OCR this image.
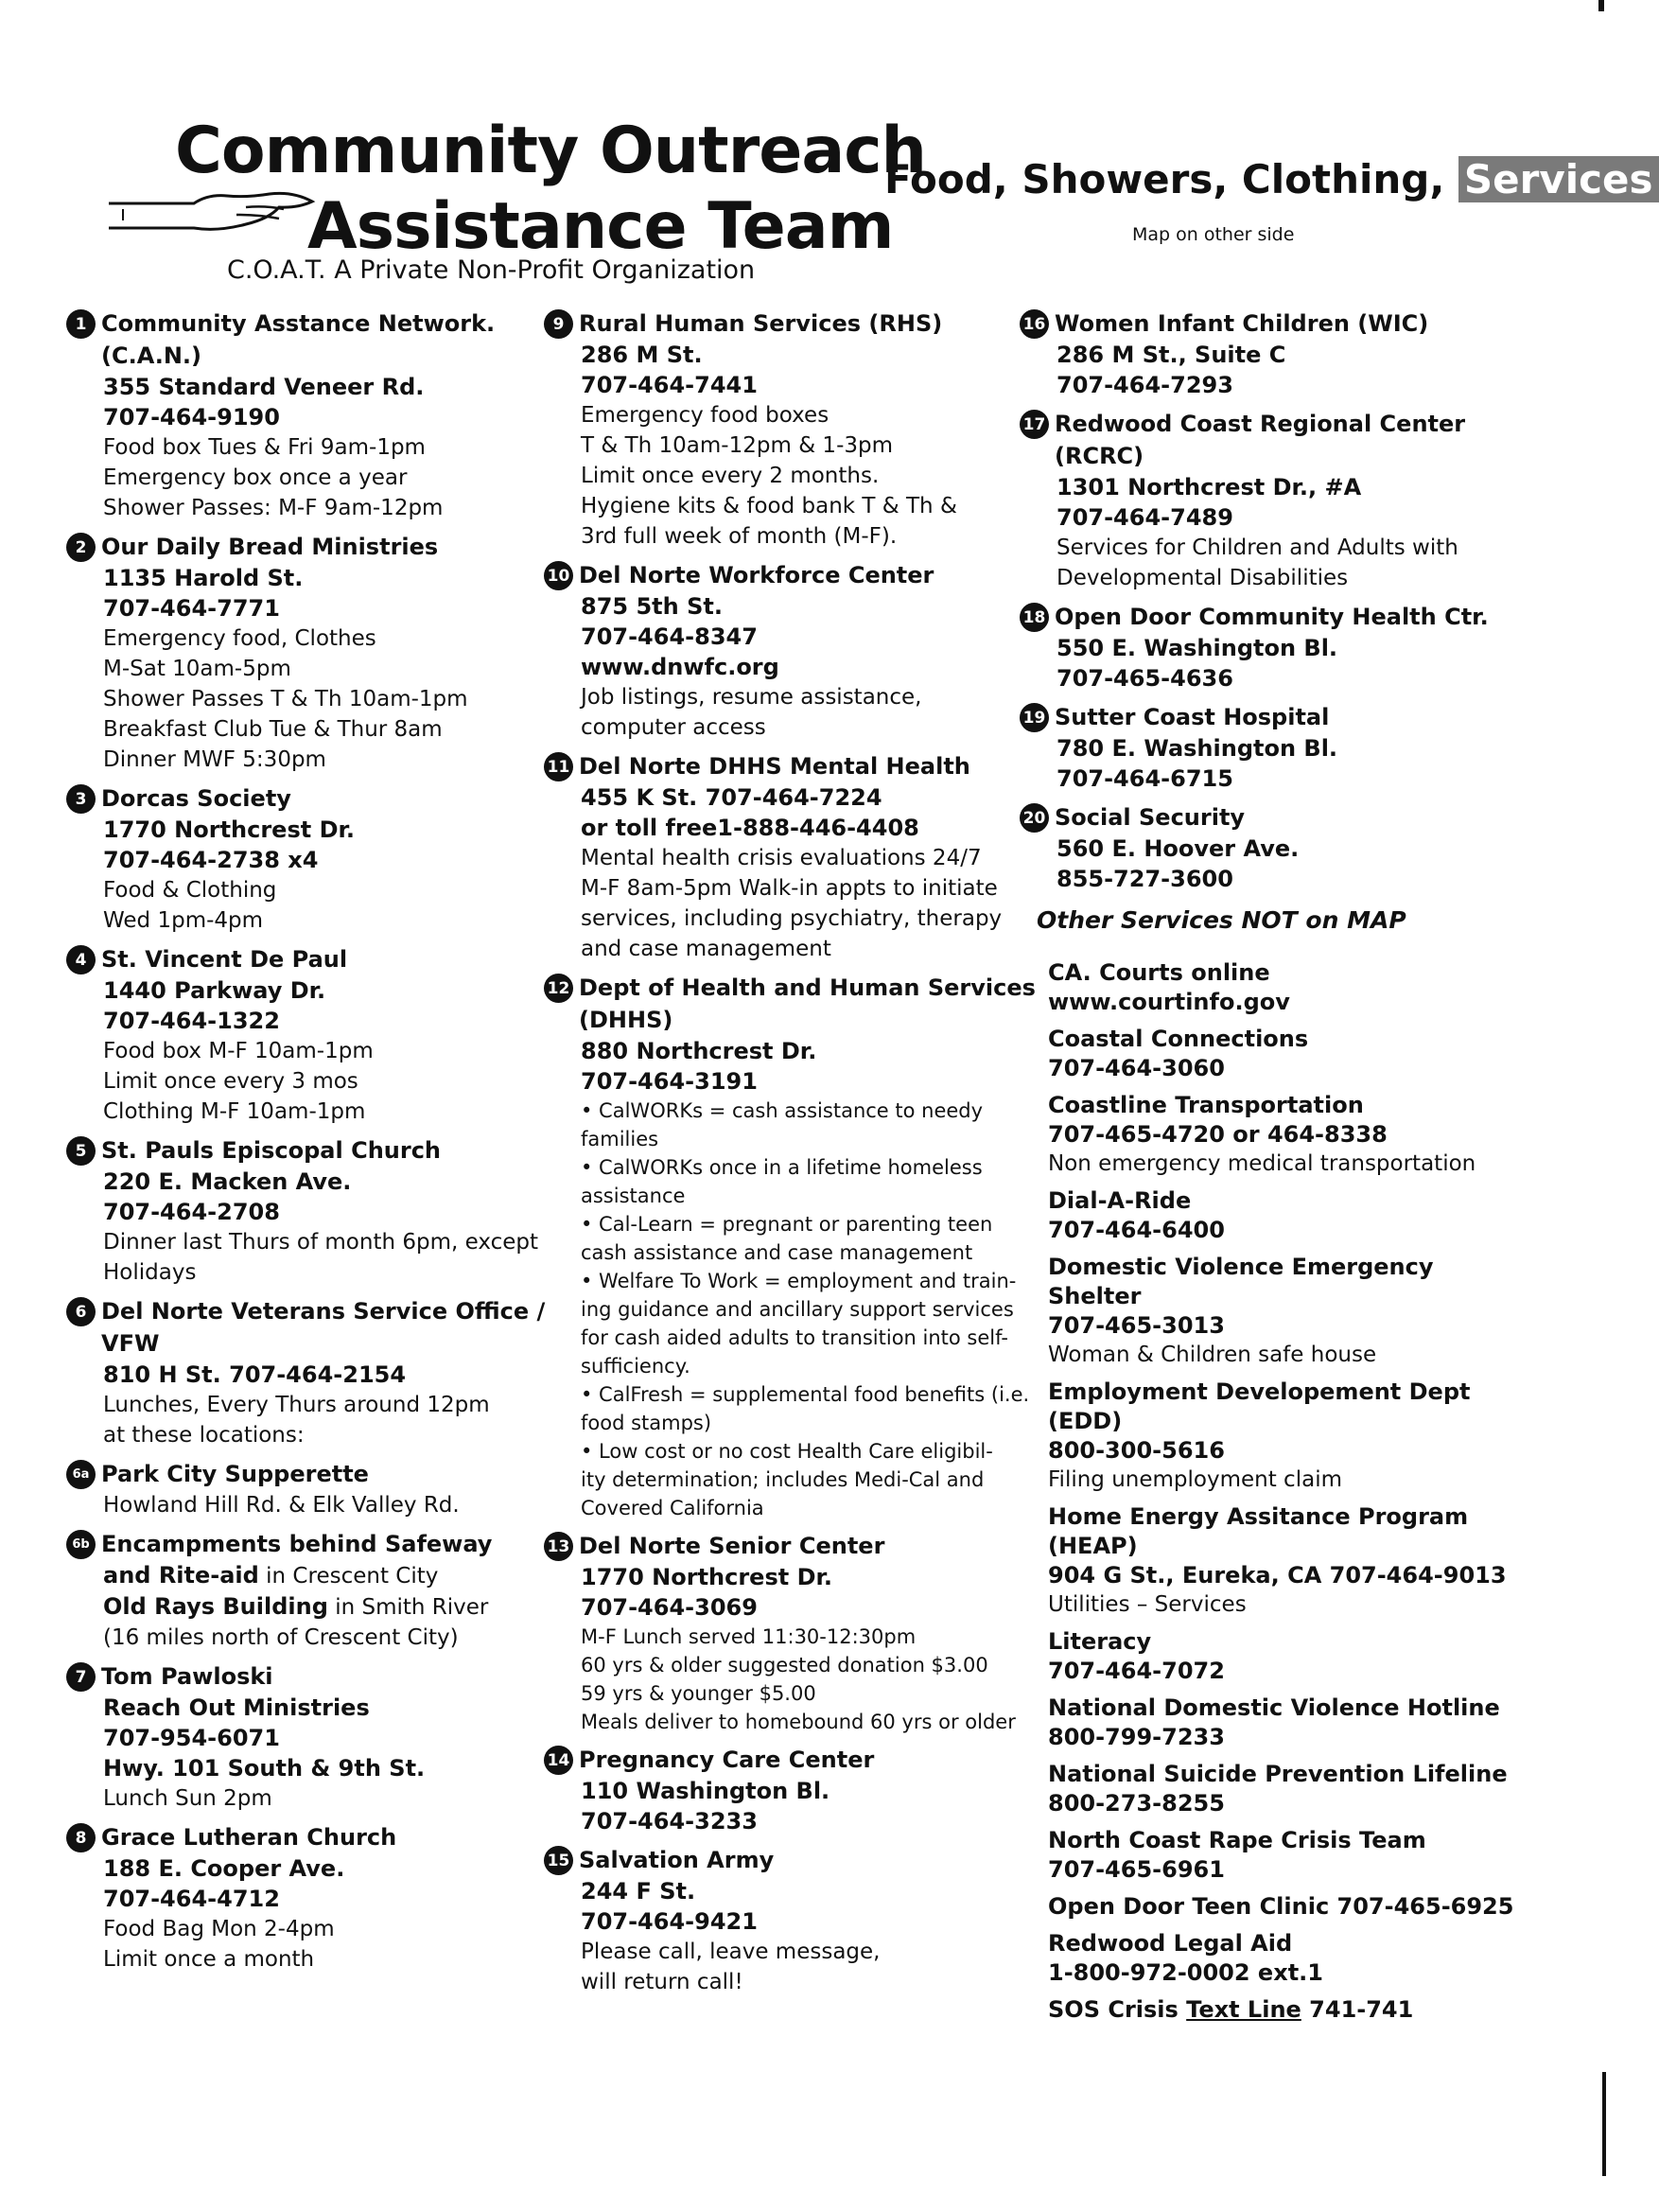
Community Outreach
Assistance Team
C.O.A.T. A Private Non-Profit Organization
Food, Showers, Clothing, Services
Map on other side
1 Community Asstance Network. (C.A.N.)
355 Standard Veneer Rd.
707-464-9190
Food box Tues & Fri 9am-1pm
Emergency box once a year
Shower Passes: M-F 9am-12pm
2 Our Daily Bread Ministries
1135 Harold St.
707-464-7771
Emergency food, Clothes
M-Sat 10am-5pm
Shower Passes T & Th 10am-1pm
Breakfast Club Tue & Thur 8am
Dinner MWF 5:30pm
3 Dorcas Society
1770 Northcrest Dr.
707-464-2738 x4
Food & Clothing
Wed 1pm-4pm
4 St. Vincent De Paul
1440 Parkway Dr.
707-464-1322
Food box M-F 10am-1pm
Limit once every 3 mos
Clothing M-F 10am-1pm
5 St. Pauls Episcopal Church
220 E. Macken Ave.
707-464-2708
Dinner last Thurs of month 6pm, except Holidays
6 Del Norte Veterans Service Office / VFW
810 H St. 707-464-2154
Lunches, Every Thurs around 12pm
at these locations:
6a Park City Supperette
Howland Hill Rd. & Elk Valley Rd.
6b Encampments behind Safeway
and Rite-aid in Crescent City
Old Rays Building in Smith River
(16 miles north of Crescent City)
7 Tom Pawloski
Reach Out Ministries
707-954-6071
Hwy. 101 South & 9th St.
Lunch Sun 2pm
8 Grace Lutheran Church
188 E. Cooper Ave.
707-464-4712
Food Bag Mon 2-4pm
Limit once a month
9 Rural Human Services (RHS)
286 M St.
707-464-7441
Emergency food boxes
T & Th 10am-12pm & 1-3pm
Limit once every 2 months.
Hygiene kits & food bank T & Th &
3rd full week of month (M-F).
10 Del Norte Workforce Center
875 5th St.
707-464-8347
www.dnwfc.org
Job listings, resume assistance,
computer access
11 Del Norte DHHS Mental Health
455 K St. 707-464-7224
or toll free1-888-446-4408
Mental health crisis evaluations 24/7
M-F 8am-5pm Walk-in appts to initiate
services, including psychiatry, therapy
and case management
12 Dept of Health and Human Services (DHHS)
880 Northcrest Dr.
707-464-3191
• CalWORKs = cash assistance to needy
families
• CalWORKs once in a lifetime homeless
assistance
• Cal-Learn = pregnant or parenting teen
cash assistance and case management
• Welfare To Work = employment and train-
ing guidance and ancillary support services
for cash aided adults to transition into self-
sufficiency.
• CalFresh = supplemental food benefits (i.e.
food stamps)
• Low cost or no cost Health Care eligibil-
ity determination; includes Medi-Cal and
Covered California
13 Del Norte Senior Center
1770 Northcrest Dr.
707-464-3069
M-F Lunch served 11:30-12:30pm
60 yrs & older suggested donation $3.00
59 yrs & younger $5.00
Meals deliver to homebound 60 yrs or older
14 Pregnancy Care Center
110 Washington Bl.
707-464-3233
15 Salvation Army
244 F St.
707-464-9421
Please call, leave message,
will return call!
16 Women Infant Children (WIC)
286 M St., Suite C
707-464-7293
17 Redwood Coast Regional Center (RCRC)
1301 Northcrest Dr., #A
707-464-7489
Services for Children and Adults with
Developmental Disabilities
18 Open Door Community Health Ctr.
550 E. Washington Bl.
707-465-4636
19 Sutter Coast Hospital
780 E. Washington Bl.
707-464-6715
20 Social Security
560 E. Hoover Ave.
855-727-3600
Other Services NOT on MAP
CA. Courts online
www.courtinfo.gov
Coastal Connections
707-464-3060
Coastline Transportation
707-465-4720 or 464-8338
Non emergency medical transportation
Dial-A-Ride
707-464-6400
Domestic Violence Emergency Shelter
707-465-3013
Woman & Children safe house
Employment Developement Dept (EDD)
800-300-5616
Filing unemployment claim
Home Energy Assitance Program (HEAP)
904 G St., Eureka, CA 707-464-9013
Utilities – Services
Literacy
707-464-7072
National Domestic Violence Hotline
800-799-7233
National Suicide Prevention Lifeline
800-273-8255
North Coast Rape Crisis Team
707-465-6961
Open Door Teen Clinic 707-465-6925
Redwood Legal Aid
1-800-972-0002 ext.1
SOS Crisis Text Line 741-741
